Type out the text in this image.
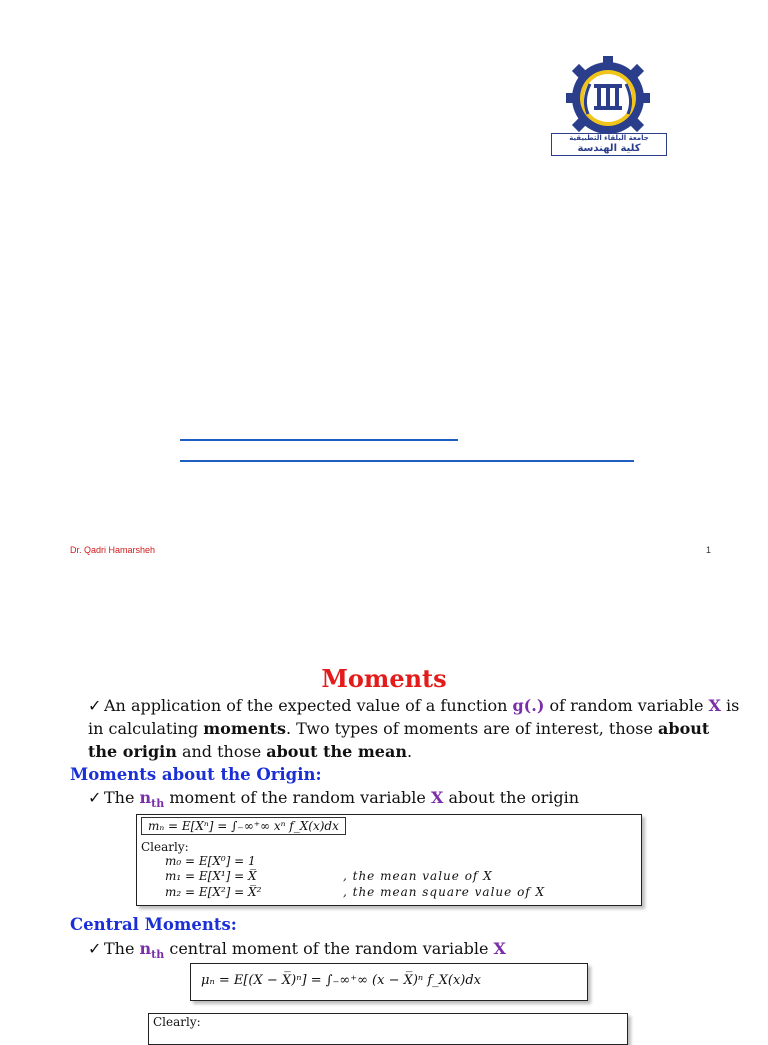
جامعة البلقاء التطبيقية
كلية الهندسة
Dr. Qadri Hamarsheh	1
Moments
✓ An application of the expected value of a function g(.) of random variable X is in calculating moments. Two types of moments are of interest, those about the origin and those about the mean.
Moments about the Origin:
✓ The $n_{th}$ moment of the random variable X about the origin
mₙ = E[Xⁿ] = ∫₋∞⁺∞ xⁿ f_X(x)dx
Clearly:
m₀ = E[X⁰] = 1
m₁ = E[X¹] = X̅	, the mean value of X
m₂ = E[X²] = X̅²	, the mean square value of X
Central Moments:
✓ The $n_{th}$ central moment of the random variable X
μₙ = E[(X − X̅)ⁿ] = ∫₋∞⁺∞ (x − X̅)ⁿ f_X(x)dx
Clearly:
